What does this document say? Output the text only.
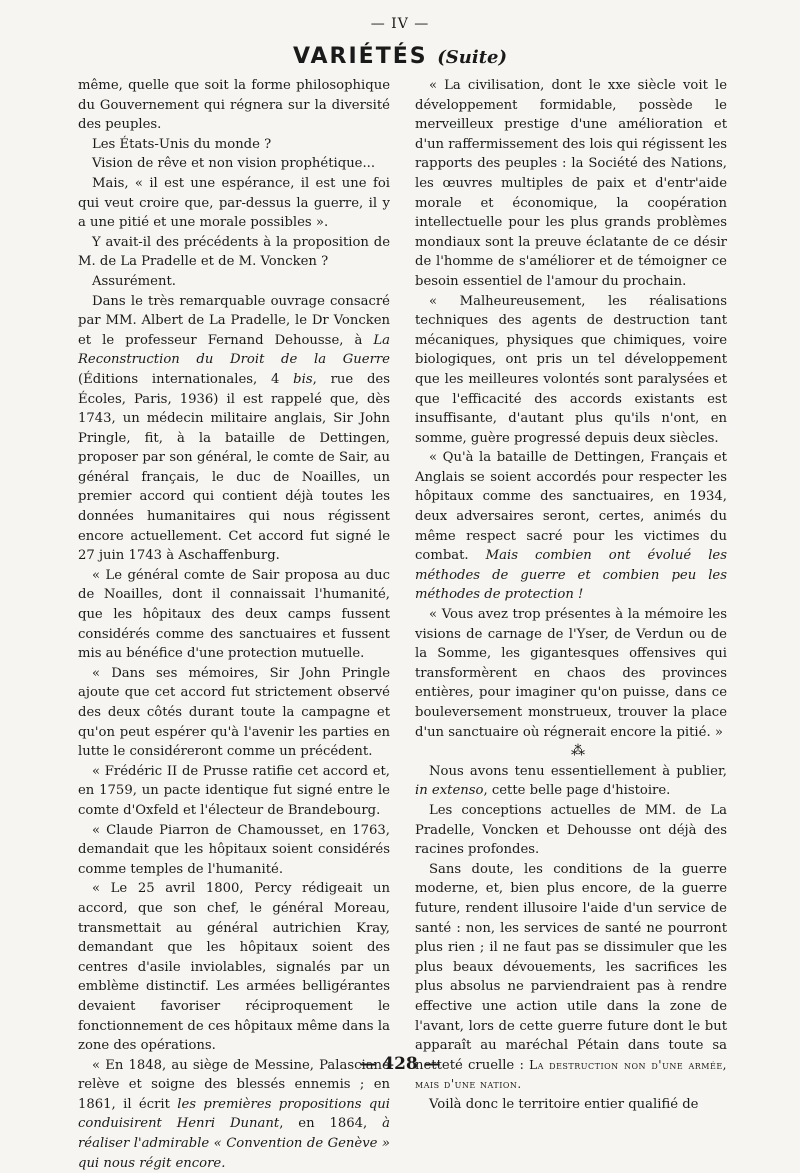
— IV —
VARIÉTÉS (Suite)

même, quelle que soit la forme philosophique du Gouvernement qui régnera sur la diversité des peuples.

Les États-Unis du monde ?

Vision de rêve et non vision prophétique...

Mais, « il est une espérance, il est une foi qui veut croire que, par-dessus la guerre, il y a une pitié et une morale possibles ».

Y avait-il des précédents à la proposition de M. de La Pradelle et de M. Voncken ?

Assurément.

Dans le très remarquable ouvrage consacré par MM. Albert de La Pradelle, le Dr Voncken et le professeur Fernand Dehousse, à La Reconstruction du Droit de la Guerre (Éditions internationales, 4 bis, rue des Écoles, Paris, 1936) il est rappelé que, dès 1743, un médecin militaire anglais, Sir John Pringle, fit, à la bataille de Dettingen, proposer par son général, le comte de Sair, au général français, le duc de Noailles, un premier accord qui contient déjà toutes les données humanitaires qui nous régissent encore actuellement. Cet accord fut signé le 27 juin 1743 à Aschaffenburg.

« Le général comte de Sair proposa au duc de Noailles, dont il connaissait l'humanité, que les hôpitaux des deux camps fussent considérés comme des sanctuaires et fussent mis au bénéfice d'une protection mutuelle.

« Dans ses mémoires, Sir John Pringle ajoute que cet accord fut strictement observé des deux côtés durant toute la campagne et qu'on peut espérer qu'à l'avenir les parties en lutte le considéreront comme un précédent.

« Frédéric II de Prusse ratifie cet accord et, en 1759, un pacte identique fut signé entre le comte d'Oxfeld et l'électeur de Brandebourg.

« Claude Piarron de Chamousset, en 1763, demandait que les hôpitaux soient considérés comme temples de l'humanité.

« Le 25 avril 1800, Percy rédigeait un accord, que son chef, le général Moreau, transmettait au général autrichien Kray, demandant que les hôpitaux soient des centres d'asile inviolables, signalés par un emblème distinctif. Les armées belligérantes devaient favoriser réciproquement le fonctionnement de ces hôpitaux même dans la zone des opérations.

« En 1848, au siège de Messine, Palasciano relève et soigne des blessés ennemis ; en 1861, il écrit les premières propositions qui conduisirent Henri Dunant, en 1864, à réaliser l'admirable « Convention de Genève » qui nous régit encore.

« La civilisation, dont le xxe siècle voit le développement formidable, possède le merveilleux prestige d'une amélioration et d'un raffermissement des lois qui régissent les rapports des peuples : la Société des Nations, les œuvres multiples de paix et d'entr'aide morale et économique, la coopération intellectuelle pour les plus grands problèmes mondiaux sont la preuve éclatante de ce désir de l'homme de s'améliorer et de témoigner ce besoin essentiel de l'amour du prochain.

« Malheureusement, les réalisations techniques des agents de destruction tant mécaniques, physiques que chimiques, voire biologiques, ont pris un tel développement que les meilleures volontés sont paralysées et que l'efficacité des accords existants est insuffisante, d'autant plus qu'ils n'ont, en somme, guère progressé depuis deux siècles.

« Qu'à la bataille de Dettingen, Français et Anglais se soient accordés pour respecter les hôpitaux comme des sanctuaires, en 1934, deux adversaires seront, certes, animés du même respect sacré pour les victimes du combat. Mais combien ont évolué les méthodes de guerre et combien peu les méthodes de protection !

« Vous avez trop présentes à la mémoire les visions de carnage de l'Yser, de Verdun ou de la Somme, les gigantesques offensives qui transformèrent en chaos des provinces entières, pour imaginer qu'on puisse, dans ce bouleversement monstrueux, trouver la place d'un sanctuaire où régnerait encore la pitié. »

⁂

Nous avons tenu essentiellement à publier, in extenso, cette belle page d'histoire.

Les conceptions actuelles de MM. de La Pradelle, Voncken et Dehousse ont déjà des racines profondes.

Sans doute, les conditions de la guerre moderne, et, bien plus encore, de la guerre future, rendent illusoire l'aide d'un service de santé : non, les services de santé ne pourront plus rien ; il ne faut pas se dissimuler que les plus beaux dévouements, les sacrifices les plus absolus ne parviendraient pas à rendre effective une action utile dans la zone de l'avant, lors de cette guerre future dont le but apparaît au maréchal Pétain dans toute sa netteté cruelle : La destruction non d'une armée, mais d'une nation.

Voilà donc le territoire entier qualifié de

— 428 —
